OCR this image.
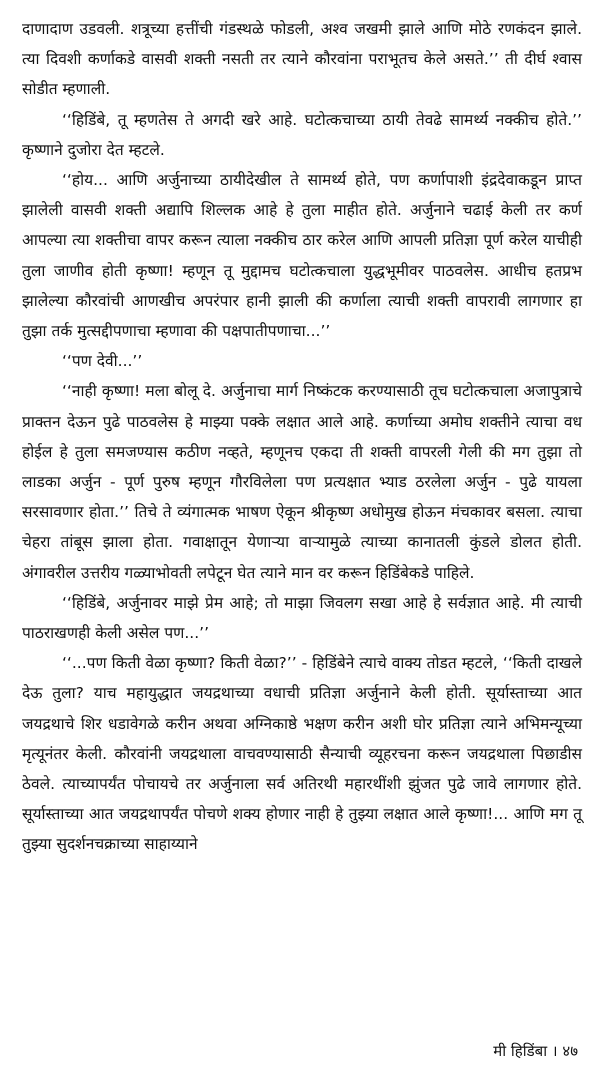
दाणादाण उडवली. शत्रूच्या हत्तींची गंडस्थळे फोडली, अश्व जखमी झाले आणि मोठे रणकंदन झाले. त्या दिवशी कर्णाकडे वासवी शक्ती नसती तर त्याने कौरवांना पराभूतच केले असते.’’ ती दीर्घ श्वास सोडीत म्हणाली.

‘‘हिडिंबे, तू म्हणतेस ते अगदी खरे आहे. घटोत्कचाच्या ठायी तेवढे सामर्थ्य नक्कीच होते.’’ कृष्णाने दुजोरा देत म्हटले.

‘‘होय... आणि अर्जुनाच्या ठायीदेखील ते सामर्थ्य होते, पण कर्णापाशी इंद्रदेवाकडून प्राप्त झालेली वासवी शक्ती अद्यापि शिल्लक आहे हे तुला माहीत होते. अर्जुनाने चढाई केली तर कर्ण आपल्या त्या शक्तीचा वापर करून त्याला नक्कीच ठार करेल आणि आपली प्रतिज्ञा पूर्ण करेल याचीही तुला जाणीव होती कृष्णा! म्हणून तू मुद्दामच घटोत्कचाला युद्धभूमीवर पाठवलेस. आधीच हतप्रभ झालेल्या कौरवांची आणखीच अपरंपार हानी झाली की कर्णाला त्याची शक्ती वापरावी लागणार हा तुझा तर्क मुत्सद्दीपणाचा म्हणावा की पक्षपातीपणाचा...’’

‘‘पण देवी...’’

‘‘नाही कृष्णा! मला बोलू दे. अर्जुनाचा मार्ग निष्कंटक करण्यासाठी तूच घटोत्कचाला अजापुत्राचे प्राक्तन देऊन पुढे पाठवलेस हे माझ्या पक्के लक्षात आले आहे. कर्णाच्या अमोघ शक्तीने त्याचा वध होईल हे तुला समजण्यास कठीण नव्हते, म्हणूनच एकदा ती शक्ती वापरली गेली की मग तुझा तो लाडका अर्जुन - पूर्ण पुरुष म्हणून गौरविलेला पण प्रत्यक्षात भ्याड ठरलेला अर्जुन - पुढे यायला सरसावणार होता.’’ तिचे ते व्यंगात्मक भाषण ऐकून श्रीकृष्ण अधोमुख होऊन मंचकावर बसला. त्याचा चेहरा तांबूस झाला होता. गवाक्षातून येणाऱ्या वाऱ्यामुळे त्याच्या कानातली कुंडले डोलत होती. अंगावरील उत्तरीय गळ्याभोवती लपेटून घेत त्याने मान वर करून हिडिंबेकडे पाहिले.

‘‘हिडिंबे, अर्जुनावर माझे प्रेम आहे; तो माझा जिवलग सखा आहे हे सर्वज्ञात आहे. मी त्याची पाठराखणही केली असेल पण...’’

‘‘...पण किती वेळा कृष्णा? किती वेळा?’’ - हिडिंबेने त्याचे वाक्य तोडत म्हटले, ‘‘किती दाखले देऊ तुला? याच महायुद्धात जयद्रथाच्या वधाची प्रतिज्ञा अर्जुनाने केली होती. सूर्यास्ताच्या आत जयद्रथाचे शिर धडावेगळे करीन अथवा अग्निकाष्ठे भक्षण करीन अशी घोर प्रतिज्ञा त्याने अभिमन्यूच्या मृत्यूनंतर केली. कौरवांनी जयद्रथाला वाचवण्यासाठी सैन्याची व्यूहरचना करून जयद्रथाला पिछाडीस ठेवले. त्याच्यापर्यंत पोचायचे तर अर्जुनाला सर्व अतिरथी महारथींशी झुंजत पुढे जावे लागणार होते. सूर्यास्ताच्या आत जयद्रथापर्यंत पोचणे शक्य होणार नाही हे तुझ्या लक्षात आले कृष्णा!... आणि मग तू तुझ्या सुदर्शनचक्राच्या साहाय्याने

मी हिडिंबा । ४७
